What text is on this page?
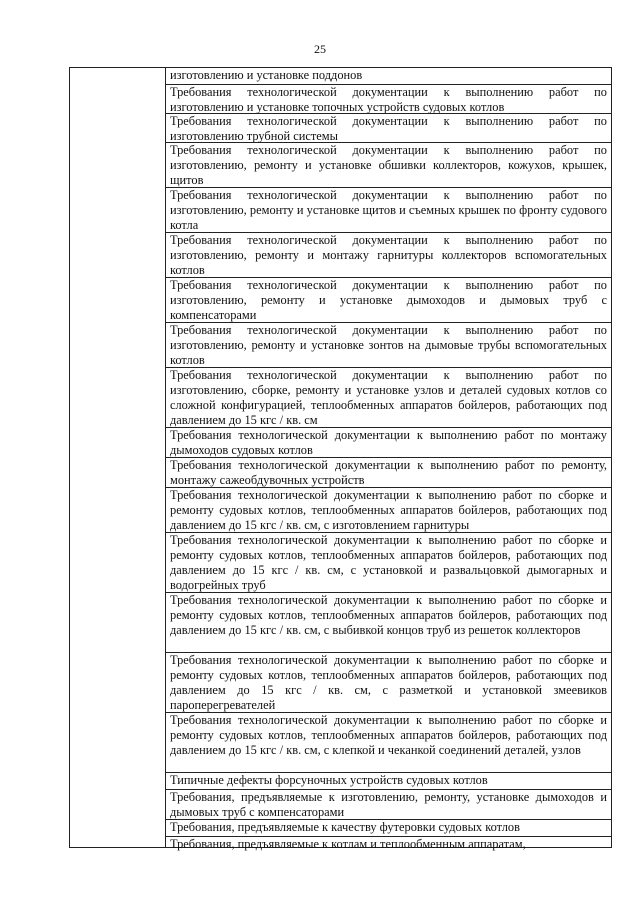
25
изготовлению и установке поддонов
Требования технологической документации к выполнению работ по изготовлению и установке топочных устройств судовых котлов
Требования технологической документации к выполнению работ по изготовлению трубной системы
Требования технологической документации к выполнению работ по изготовлению, ремонту и установке обшивки коллекторов, кожухов, крышек, щитов
Требования технологической документации к выполнению работ по изготовлению, ремонту и установке щитов и съемных крышек по фронту судового котла
Требования технологической документации к выполнению работ по изготовлению, ремонту и монтажу гарнитуры коллекторов вспомогательных котлов
Требования технологической документации к выполнению работ по изготовлению, ремонту и установке дымоходов и дымовых труб с компенсаторами
Требования технологической документации к выполнению работ по изготовлению, ремонту и установке зонтов на дымовые трубы вспомогательных котлов
Требования технологической документации к выполнению работ по изготовлению, сборке, ремонту и установке узлов и деталей судовых котлов со сложной конфигурацией, теплообменных аппаратов бойлеров, работающих под давлением до 15 кгс / кв. см
Требования технологической документации к выполнению работ по монтажу дымоходов судовых котлов
Требования технологической документации к выполнению работ по ремонту, монтажу сажеобдувочных устройств
Требования технологической документации к выполнению работ по сборке и ремонту судовых котлов, теплообменных аппаратов бойлеров, работающих под давлением до 15 кгс / кв. см, с изготовлением гарнитуры
Требования технологической документации к выполнению работ по сборке и ремонту судовых котлов, теплообменных аппаратов бойлеров, работающих под давлением до 15 кгс / кв. см, с установкой и развальцовкой дымогарных и водогрейных труб
Требования технологической документации к выполнению работ по сборке и ремонту судовых котлов, теплообменных аппаратов бойлеров, работающих под давлением до 15 кгс / кв. см, с выбивкой концов труб из решеток коллекторов
Требования технологической документации к выполнению работ по сборке и ремонту судовых котлов, теплообменных аппаратов бойлеров, работающих под давлением до 15 кгс / кв. см, с разметкой и установкой змеевиков пароперегревателей
Требования технологической документации к выполнению работ по сборке и ремонту судовых котлов, теплообменных аппаратов бойлеров, работающих под давлением до 15 кгс / кв. см, с клепкой и чеканкой соединений деталей, узлов
Типичные дефекты форсуночных устройств судовых котлов
Требования, предъявляемые к изготовлению, ремонту, установке дымоходов и дымовых труб с компенсаторами
Требования, предъявляемые к качеству футеровки судовых котлов
Требования, предъявляемые к котлам и теплообменным аппаратам,
